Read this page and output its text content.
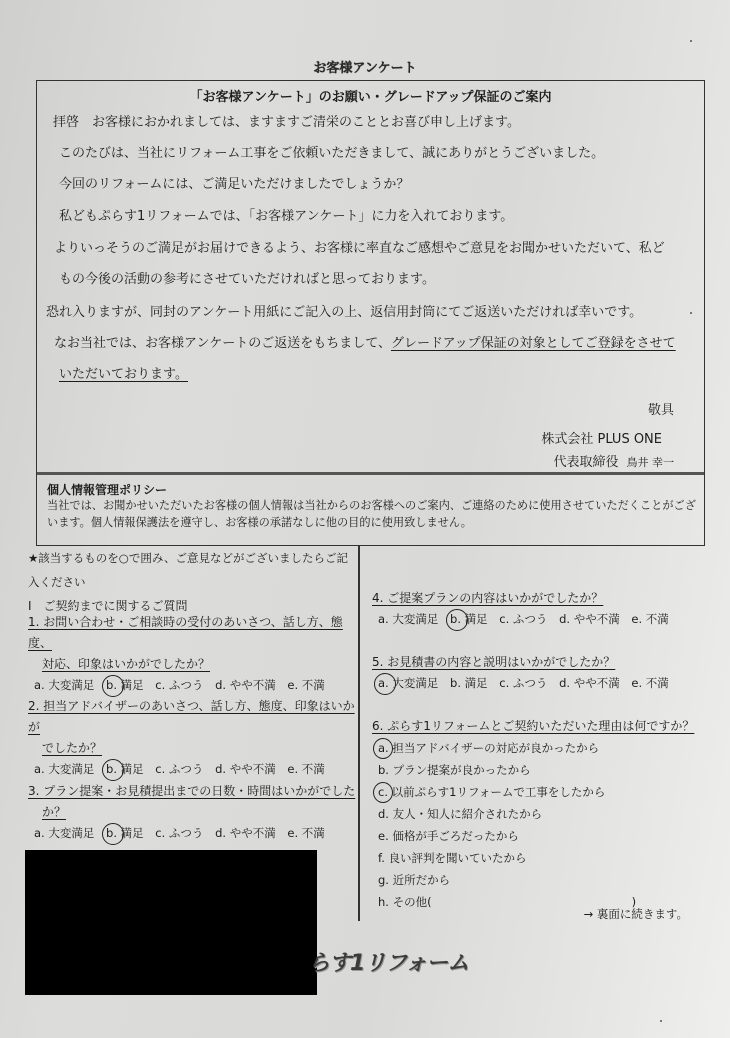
お客様アンケート
「お客様アンケート」のお願い・グレードアップ保証のご案内
拝啓　お客様におかれましては、ますますご清栄のこととお喜び申し上げます。
このたびは、当社にリフォーム工事をご依頼いただきまして、誠にありがとうございました。
今回のリフォームには、ご満足いただけましたでしょうか？
私どもぷらす1リフォームでは、「お客様アンケート」に力を入れております。
よりいっそうのご満足がお届けできるよう、お客様に率直なご感想やご意見をお聞かせいただいて、私ど
もの今後の活動の参考にさせていただければと思っております。
恐れ入りますが、同封のアンケート用紙にご記入の上、返信用封筒にてご返送いただければ幸いです。
なお当社では、お客様アンケートのご返送をもちまして、グレードアップ保証の対象としてご登録をさせて
いただいております。
敬具
株式会社 PLUS ONE
代表取締役 鳥井 幸一
個人情報管理ポリシー
当社では、お聞かせいただいたお客様の個人情報は当社からのお客様へのご案内、ご連絡のために使用させていただくことがございます。個人情報保護法を遵守し、お客様の承諾なしに他の目的に使用致しません。
★該当するものを○で囲み、ご意見などがございましたらご記入ください
Ⅰ　ご契約までに関するご質問
1. お問い合わせ・ご相談時の受付のあいさつ、話し方、態度、
対応、印象はいかがでしたか？
a. 大変満足 b. 満足 c. ふつう d. やや不満 e. 不満
2. 担当アドバイザーのあいさつ、話し方、態度、印象はいかが
でしたか？
a. 大変満足 b. 満足 c. ふつう d. やや不満 e. 不満
3. プラン提案・お見積提出までの日数・時間はいかがでした
か？
a. 大変満足 b. 満足 c. ふつう d. やや不満 e. 不満
4. ご提案プランの内容はいかがでしたか？
a. 大変満足 b. 満足 c. ふつう d. やや不満 e. 不満
5. お見積書の内容と説明はいかがでしたか？
a. 大変満足 b. 満足 c. ふつう d. やや不満 e. 不満
6. ぷらす1リフォームとご契約いただいた理由は何ですか？
a. 担当アドバイザーの対応が良かったから
b. プラン提案が良かったから
c. 以前ぷらす1リフォームで工事をしたから
d. 友人・知人に紹介されたから
e. 価格が手ごろだったから
f. 良い評判を聞いていたから
g. 近所だから
h. その他(	)
→ 裏面に続きます。
らす1リフォーム
